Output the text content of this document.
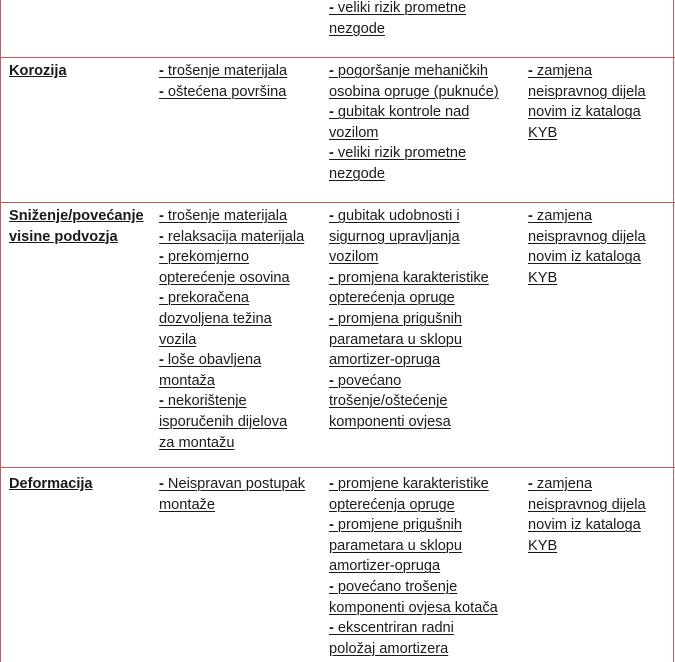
- veliki rizik prometne

nezgode

Korozija	- trošenje materijala

- oštećena površina

- pogoršanje mehaničkih

osobina opruge (puknuće)

- gubitak kontrole nad

vozilom

- veliki rizik prometne

nezgode

- zamjena

neispravnog dijela

novim iz kataloga

KYB

Sniženje/povećanje

visine podvozja

- trošenje materijala

- relaksacija materijala

- prekomjerno

opterećenje osovina

- prekoračena

dozvoljena težina

vozila

- loše obavljena

montaža

- nekorištenje

isporučenih dijelova

za montažu

- gubitak udobnosti i

sigurnog upravljanja

vozilom

- promjena karakteristike

opterećenja opruge

- promjena prigušnih

parametara u sklopu

amortizer-opruga

- povećano

trošenje/oštećenje

komponenti ovjesa

- zamjena

neispravnog dijela

novim iz kataloga

KYB

Deformacija	- Neispravan postupak

montaže

- promjene karakteristike

opterećenja opruge

- promjene prigušnih

parametara u sklopu

amortizer-opruga

- povećano trošenje

komponenti ovjesa kotača

- ekscentriran radni

položaj amortizera

- zamjena

neispravnog dijela

novim iz kataloga

KYB
